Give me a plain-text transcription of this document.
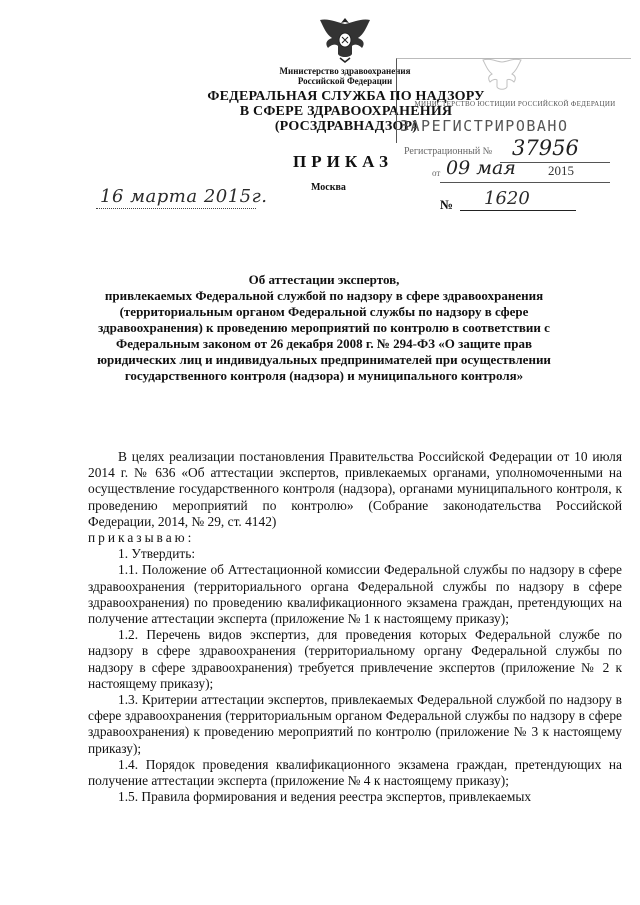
Министерство здравоохранения
Российской Федерации
ФЕДЕРАЛЬНАЯ СЛУЖБА ПО НАДЗОРУ
В СФЕРЕ ЗДРАВООХРАНЕНИЯ
(РОСЗДРАВНАДЗОР)
МИНИСТЕРСТВО ЮСТИЦИИ РОССИЙСКОЙ ФЕДЕРАЦИИ
ЗАРЕГИСТРИРОВАНО
Регистрационный № 37956
от 09 мая 2015
ПРИКАЗ
Москва
16 марта 2015г.	№ 1620
Об аттестации экспертов,
привлекаемых Федеральной службой по надзору в сфере здравоохранения
(территориальным органом Федеральной службы по надзору в сфере
здравоохранения) к проведению мероприятий по контролю в соответствии с
Федеральным законом от 26 декабря 2008 г. № 294-ФЗ «О защите прав
юридических лиц и индивидуальных предпринимателей при осуществлении
государственного контроля (надзора) и муниципального контроля»

В целях реализации постановления Правительства Российской Федерации от 10 июля 2014 г. № 636 «Об аттестации экспертов, привлекаемых органами, уполномоченными на осуществление государственного контроля (надзора), органами муниципального контроля, к проведению мероприятий по контролю» (Собрание законодательства Российской Федерации, 2014, № 29, ст. 4142)

приказываю:

1. Утвердить:

1.1. Положение об Аттестационной комиссии Федеральной службы по надзору в сфере здравоохранения (территориального органа Федеральной службы по надзору в сфере здравоохранения) по проведению квалификационного экзамена граждан, претендующих на получение аттестации эксперта (приложение № 1 к настоящему приказу);

1.2. Перечень видов экспертиз, для проведения которых Федеральной службе по надзору в сфере здравоохранения (территориальному органу Федеральной службы по надзору в сфере здравоохранения) требуется привлечение экспертов (приложение № 2 к настоящему приказу);

1.3. Критерии аттестации экспертов, привлекаемых Федеральной службой по надзору в сфере здравоохранения (территориальным органом Федеральной службы по надзору в сфере здравоохранения) к проведению мероприятий по контролю (приложение № 3 к настоящему приказу);

1.4. Порядок проведения квалификационного экзамена граждан, претендующих на получение аттестации эксперта (приложение № 4 к настоящему приказу);

1.5. Правила формирования и ведения реестра экспертов, привлекаемых
